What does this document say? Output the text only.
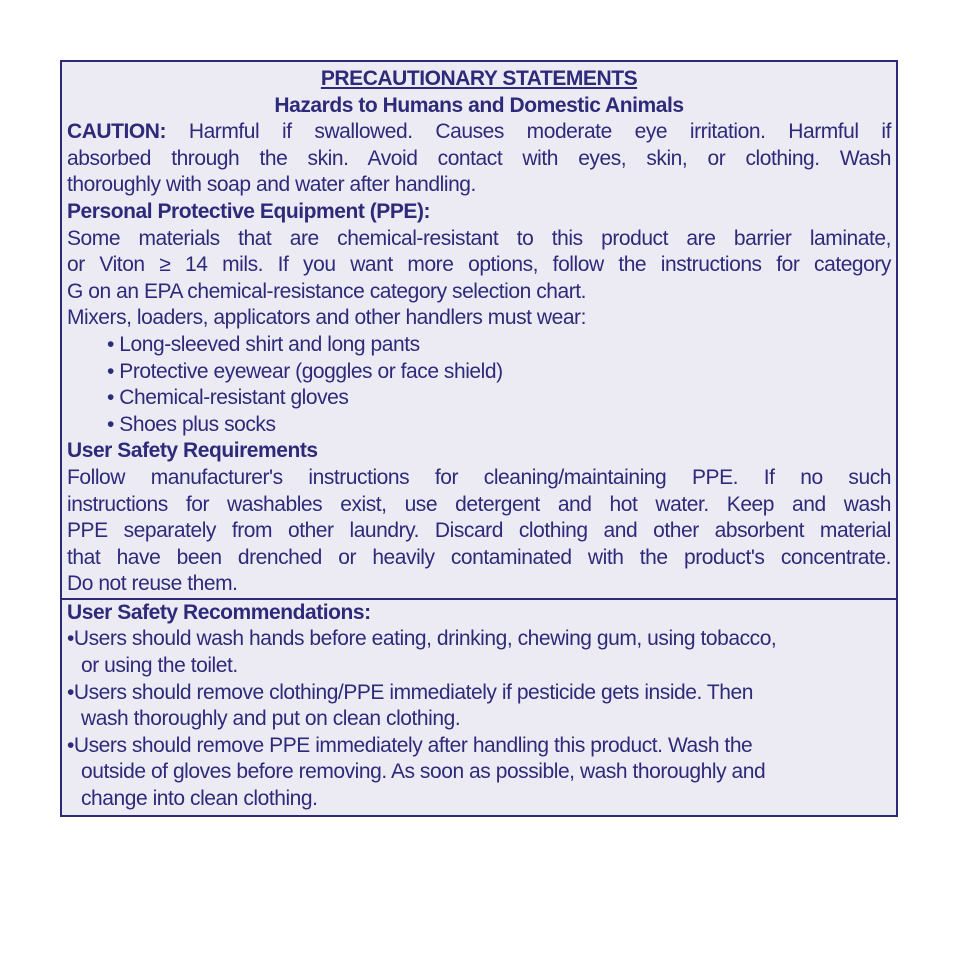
PRECAUTIONARY STATEMENTS

Hazards to Humans and Domestic Animals

CAUTION: Harmful if swallowed. Causes moderate eye irritation. Harmful if

absorbed through the skin. Avoid contact with eyes, skin, or clothing. Wash

thoroughly with soap and water after handling.

Personal Protective Equipment (PPE):

Some materials that are chemical-resistant to this product are barrier laminate,

or Viton ≥ 14 mils. If you want more options, follow the instructions for category

G on an EPA chemical-resistance category selection chart.

Mixers, loaders, applicators and other handlers must wear:

• Long-sleeved shirt and long pants

• Protective eyewear (goggles or face shield)

• Chemical-resistant gloves

• Shoes plus socks

User Safety Requirements

Follow manufacturer's instructions for cleaning/maintaining PPE. If no such

instructions for washables exist, use detergent and hot water. Keep and wash

PPE separately from other laundry. Discard clothing and other absorbent material

that have been drenched or heavily contaminated with the product's concentrate.

Do not reuse them.

User Safety Recommendations:

•Users should wash hands before eating, drinking, chewing gum, using tobacco,

or using the toilet.

•Users should remove clothing/PPE immediately if pesticide gets inside. Then

wash thoroughly and put on clean clothing.

•Users should remove PPE immediately after handling this product. Wash the

outside of gloves before removing. As soon as possible, wash thoroughly and

change into clean clothing.
